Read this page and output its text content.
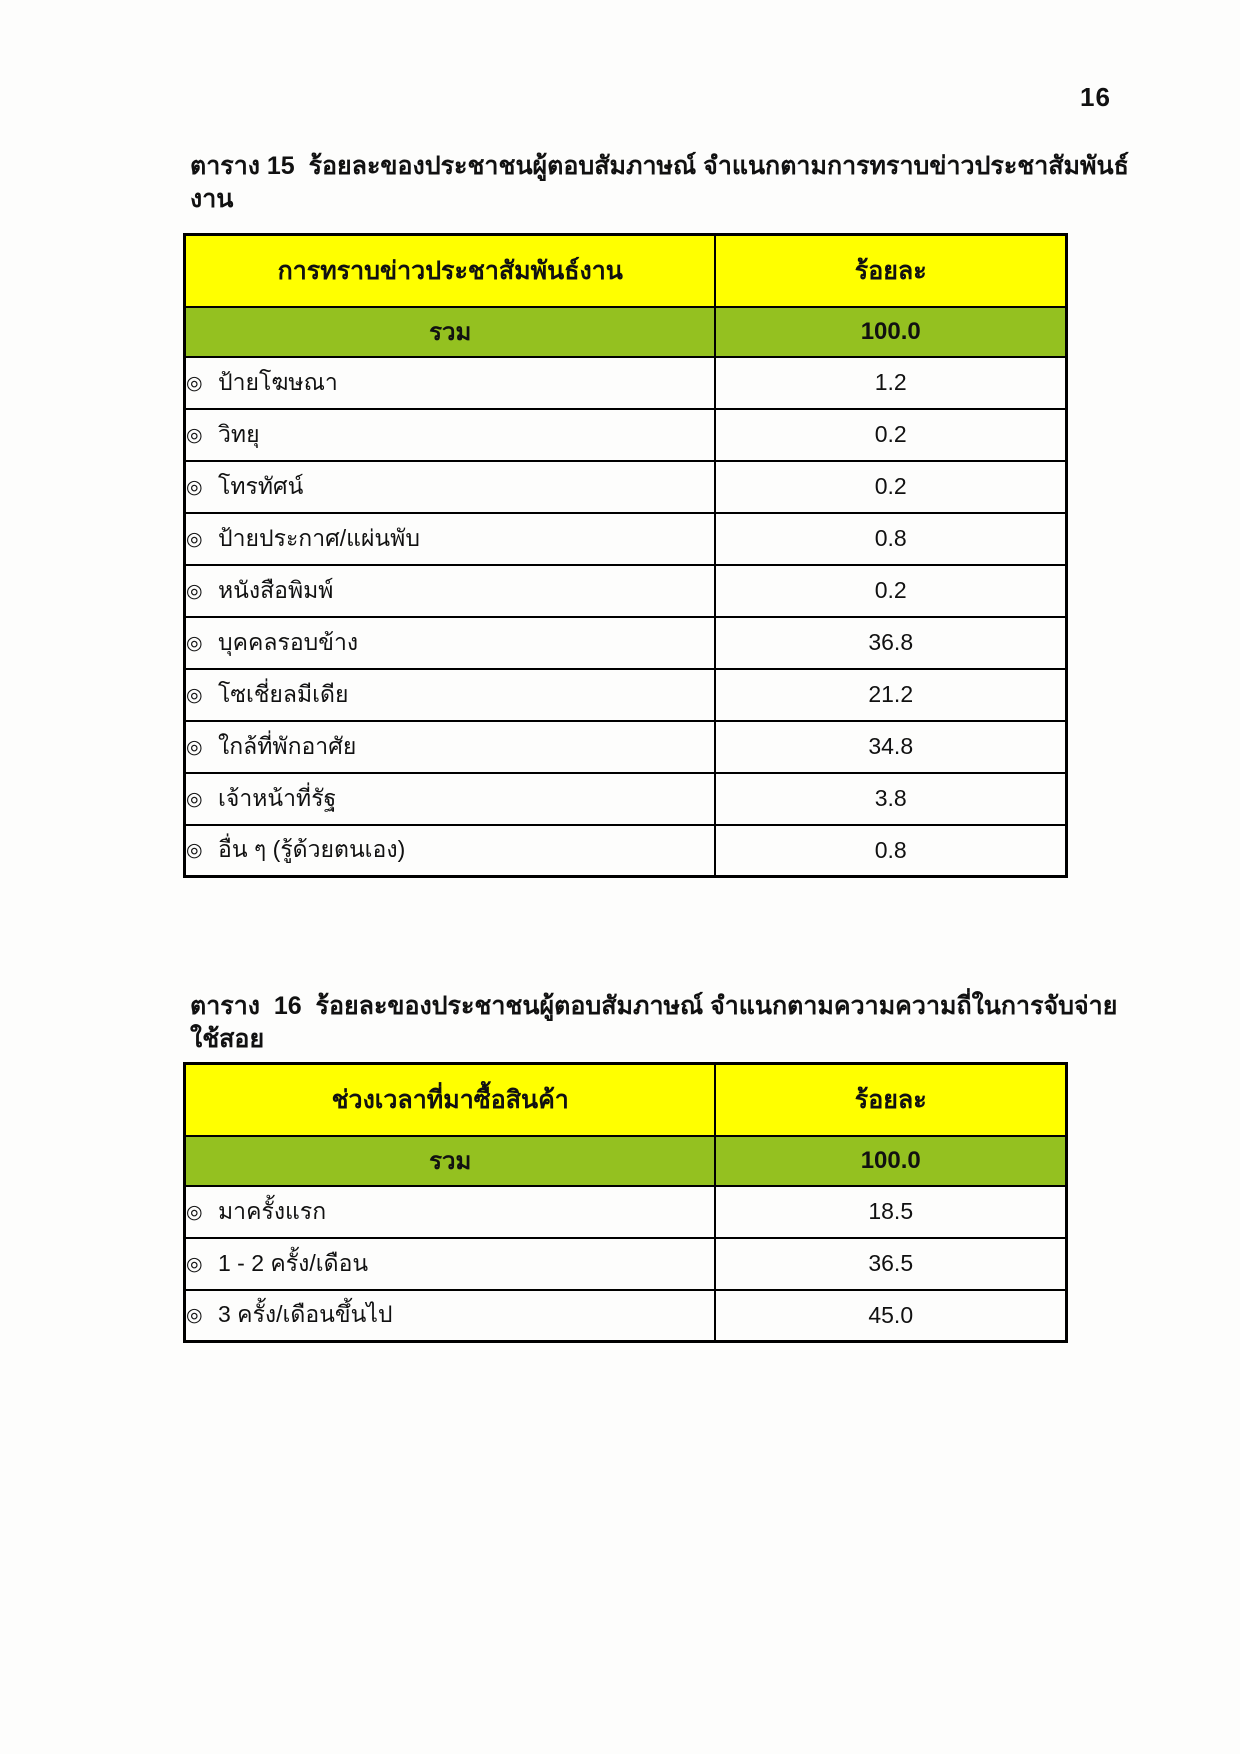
16
ตาราง 15  ร้อยละของประชาชนผู้ตอบสัมภาษณ์ จำแนกตามการทราบข่าวประชาสัมพันธ์งาน
การทราบข่าวประชาสัมพันธ์งาน	ร้อยละ
รวม	100.0
◎ ป้ายโฆษณา	1.2
◎ วิทยุ	0.2
◎ โทรทัศน์	0.2
◎ ป้ายประกาศ/แผ่นพับ	0.8
◎ หนังสือพิมพ์	0.2
◎ บุคคลรอบข้าง	36.8
◎ โซเชี่ยลมีเดีย	21.2
◎ ใกล้ที่พักอาศัย	34.8
◎ เจ้าหน้าที่รัฐ	3.8
◎ อื่น ๆ (รู้ด้วยตนเอง)	0.8
ตาราง  16  ร้อยละของประชาชนผู้ตอบสัมภาษณ์ จำแนกตามความความถี่ในการจับจ่ายใช้สอย
ช่วงเวลาที่มาซื้อสินค้า	ร้อยละ
รวม	100.0
◎ มาครั้งแรก	18.5
◎ 1 - 2 ครั้ง/เดือน	36.5
◎ 3 ครั้ง/เดือนขึ้นไป	45.0
